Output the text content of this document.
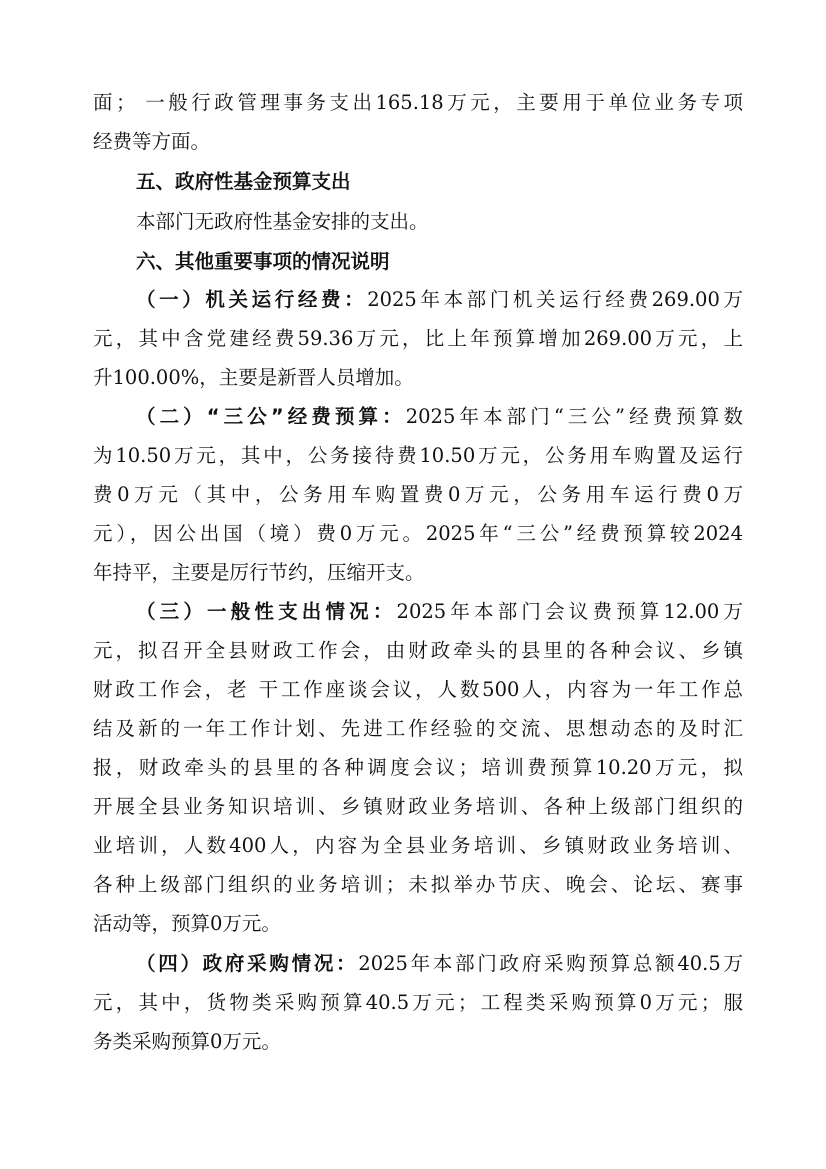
面； 一般行政管理事务支出165.18万元，主要用于单位业务专项
经费等方面。
五、政府性基金预算支出
本部门无政府性基金安排的支出。
六、其他重要事项的情况说明
（一）机关运行经费：2025年本部门机关运行经费269.00万
元，其中含党建经费59.36万元，比上年预算增加269.00万元，上
升100.00%，主要是新晋人员增加。
（二）“三公”经费预算：2025年本部门“三公”经费预算数
为10.50万元，其中，公务接待费10.50万元，公务用车购置及运行
费0万元（其中，公务用车购置费0万元，公务用车运行费0万
元），因公出国（境）费0万元。2025年“三公”经费预算较2024
年持平，主要是厉行节约，压缩开支。
（三）一般性支出情况：2025年本部门会议费预算12.00万
元，拟召开全县财政工作会，由财政牵头的县里的各种会议、乡镇
财政工作会，老 干工作座谈会议，人数500人，内容为一年工作总
结及新的一年工作计划、先进工作经验的交流、思想动态的及时汇
报，财政牵头的县里的各种调度会议；培训费预算10.20万元，拟
开展全县业务知识培训、乡镇财政业务培训、各种上级部门组织的
业培训，人数400人，内容为全县业务培训、乡镇财政业务培训、
各种上级部门组织的业务培训；未拟举办节庆、晚会、论坛、赛事
活动等，预算0万元。
（四）政府采购情况：2025年本部门政府采购预算总额40.5万
元，其中，货物类采购预算40.5万元；工程类采购预算0万元；服
务类采购预算0万元。
